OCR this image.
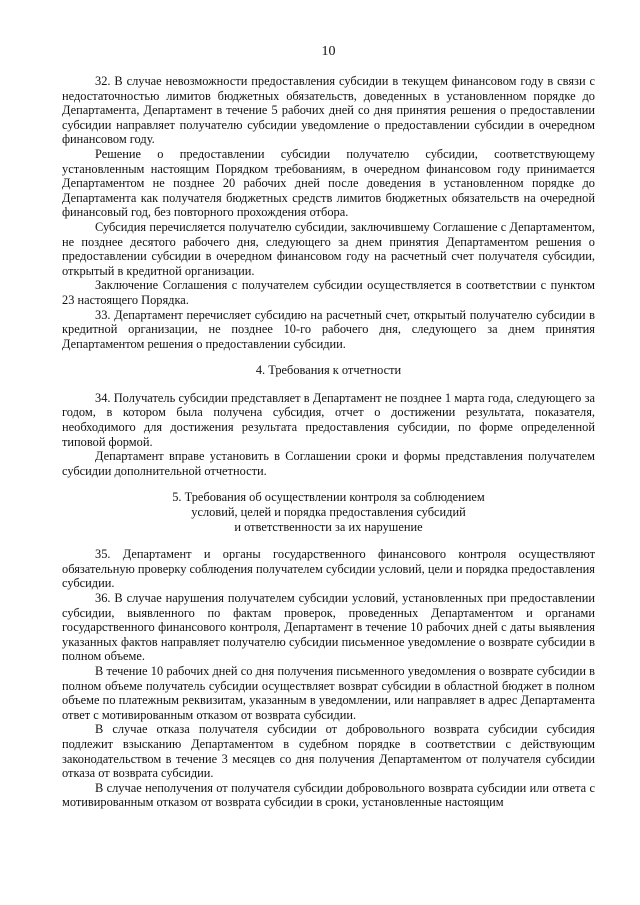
10

32. В случае невозможности предоставления субсидии в текущем финансовом году в связи с недостаточностью лимитов бюджетных обязательств, доведенных в установленном порядке до Департамента, Департамент в течение 5 рабочих дней со дня принятия решения о предоставлении субсидии направляет получателю субсидии уведомление о предоставлении субсидии в очередном финансовом году.

Решение о предоставлении субсидии получателю субсидии, соответствующему установленным настоящим Порядком требованиям, в очередном финансовом году принимается Департаментом не позднее 20 рабочих дней после доведения в установленном порядке до Департамента как получателя бюджетных средств лимитов бюджетных обязательств на очередной финансовый год, без повторного прохождения отбора.

Субсидия перечисляется получателю субсидии, заключившему Соглашение с Департаментом, не позднее десятого рабочего дня, следующего за днем принятия Департаментом решения о предоставлении субсидии в очередном финансовом году на расчетный счет получателя субсидии, открытый в кредитной организации.

Заключение Соглашения с получателем субсидии осуществляется в соответствии с пунктом 23 настоящего Порядка.

33. Департамент перечисляет субсидию на расчетный счет, открытый получателю субсидии в кредитной организации, не позднее 10-го рабочего дня, следующего за днем принятия Департаментом решения о предоставлении субсидии.

4. Требования к отчетности

34. Получатель субсидии представляет в Департамент не позднее 1 марта года, следующего за годом, в котором была получена субсидия, отчет о достижении результата, показателя, необходимого для достижения результата предоставления субсидии, по форме определенной типовой формой.

Департамент вправе установить в Соглашении сроки и формы представления получателем субсидии дополнительной отчетности.

5. Требования об осуществлении контроля за соблюдением
условий, целей и порядка предоставления субсидий
и ответственности за их нарушение

35. Департамент и органы государственного финансового контроля осуществляют обязательную проверку соблюдения получателем субсидии условий, цели и порядка предоставления субсидии.

36. В случае нарушения получателем субсидии условий, установленных при предоставлении субсидии, выявленного по фактам проверок, проведенных Департаментом и органами государственного финансового контроля, Департамент в течение 10 рабочих дней с даты выявления указанных фактов направляет получателю субсидии письменное уведомление о возврате субсидии в полном объеме.

В течение 10 рабочих дней со дня получения письменного уведомления о возврате субсидии в полном объеме получатель субсидии осуществляет возврат субсидии в областной бюджет в полном объеме по платежным реквизитам, указанным в уведомлении, или направляет в адрес Департамента ответ с мотивированным отказом от возврата субсидии.

В случае отказа получателя субсидии от добровольного возврата субсидии субсидия подлежит взысканию Департаментом в судебном порядке в соответствии с действующим законодательством в течение 3 месяцев со дня получения Департаментом от получателя субсидии отказа от возврата субсидии.

В случае неполучения от получателя субсидии добровольного возврата субсидии или ответа с мотивированным отказом от возврата субсидии в сроки, установленные настоящим
